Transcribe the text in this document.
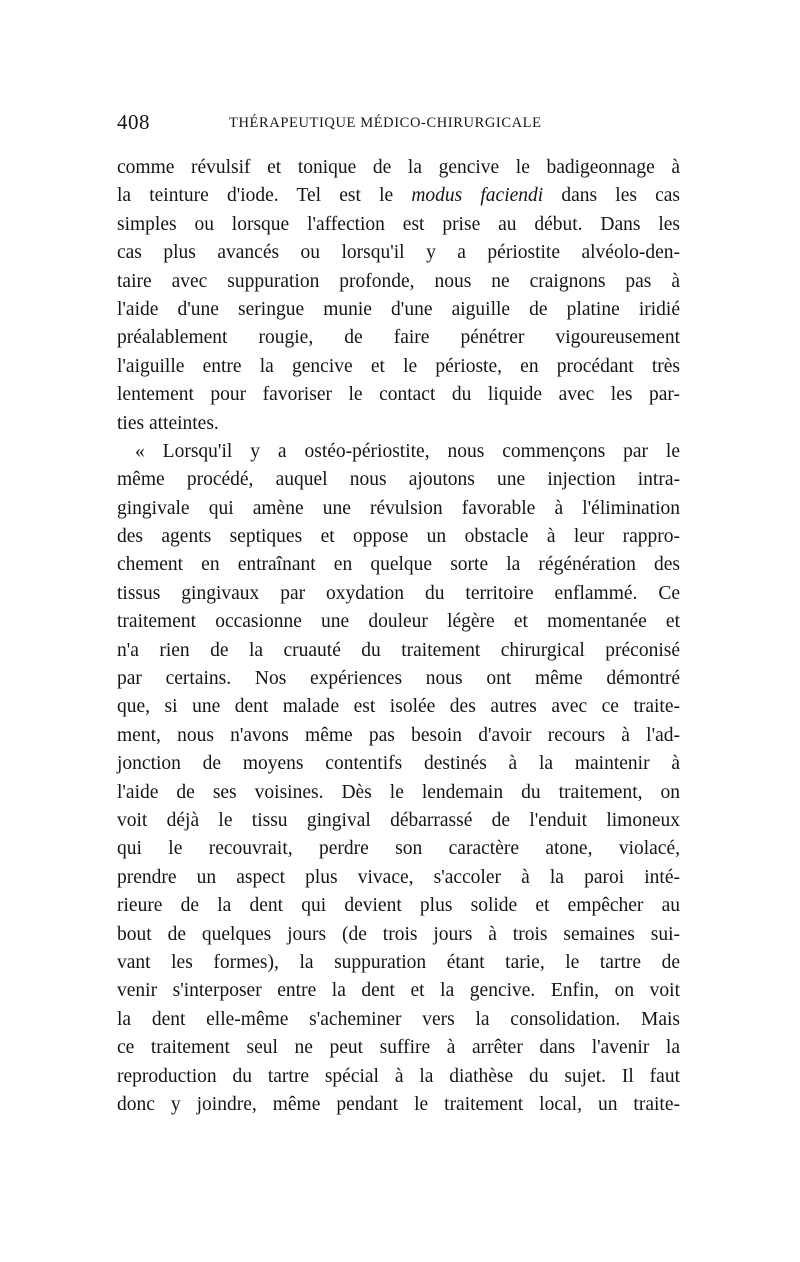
408	THÉRAPEUTIQUE MÉDICO-CHIRURGICALE
comme révulsif et tonique de la gencive le badigeonnage à
la teinture d'iode. Tel est le modus faciendi dans les cas
simples ou lorsque l'affection est prise au début. Dans les
cas plus avancés ou lorsqu'il y a périostite alvéolo-den-
taire avec suppuration profonde, nous ne craignons pas à
l'aide d'une seringue munie d'une aiguille de platine iridié
préalablement rougie, de faire pénétrer vigoureusement
l'aiguille entre la gencive et le périoste, en procédant très
lentement pour favoriser le contact du liquide avec les par-
ties atteintes.
« Lorsqu'il y a ostéo-périostite, nous commençons par le
même procédé, auquel nous ajoutons une injection intra-
gingivale qui amène une révulsion favorable à l'élimination
des agents septiques et oppose un obstacle à leur rappro-
chement en entraînant en quelque sorte la régénération des
tissus gingivaux par oxydation du territoire enflammé. Ce
traitement occasionne une douleur légère et momentanée et
n'a rien de la cruauté du traitement chirurgical préconisé
par certains. Nos expériences nous ont même démontré
que, si une dent malade est isolée des autres avec ce traite-
ment, nous n'avons même pas besoin d'avoir recours à l'ad-
jonction de moyens contentifs destinés à la maintenir à
l'aide de ses voisines. Dès le lendemain du traitement, on
voit déjà le tissu gingival débarrassé de l'enduit limoneux
qui le recouvrait, perdre son caractère atone, violacé,
prendre un aspect plus vivace, s'accoler à la paroi inté-
rieure de la dent qui devient plus solide et empêcher au
bout de quelques jours (de trois jours à trois semaines sui-
vant les formes), la suppuration étant tarie, le tartre de
venir s'interposer entre la dent et la gencive. Enfin, on voit
la dent elle-même s'acheminer vers la consolidation. Mais
ce traitement seul ne peut suffire à arrêter dans l'avenir la
reproduction du tartre spécial à la diathèse du sujet. Il faut
donc y joindre, même pendant le traitement local, un traite-
